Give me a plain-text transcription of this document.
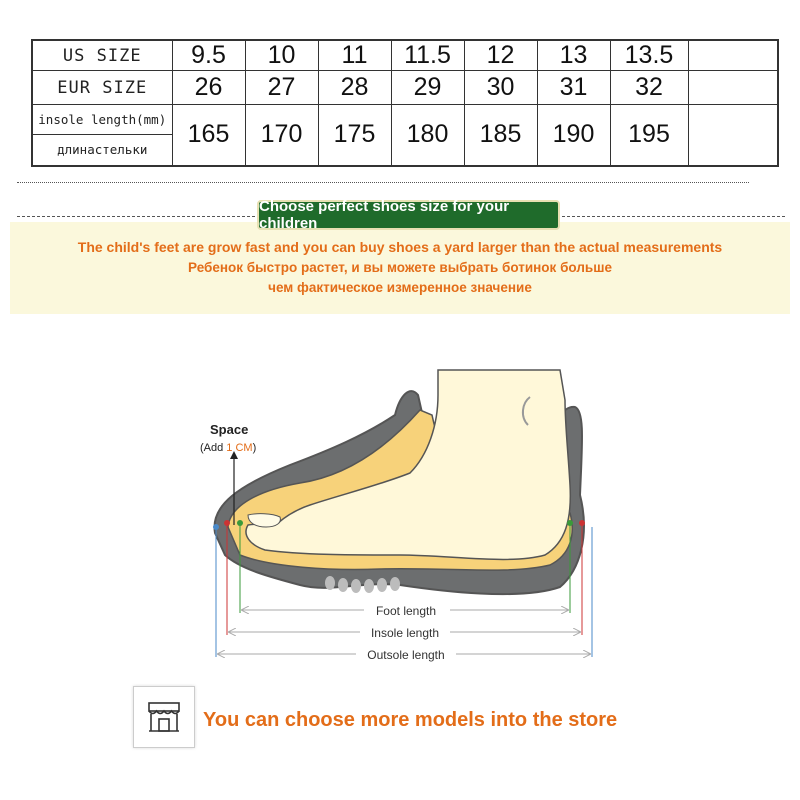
US SIZE	9.5	10	11	11.5	12	13	13.5	
EUR SIZE	26	27	28	29	30	31	32	

insole length(mm)
длинастельки	165	170	175	180	185	190	195	
Choose perfect shoes size for your children
The child's feet are grow fast and you can buy shoes a yard larger than the actual measurements
Ребенок быстро растет, и вы можете выбрать ботинок больше
чем фактическое измеренное значение
Space
(Add 1 CM)
Foot length
Insole length
Outsole length
You can choose more models into the store
